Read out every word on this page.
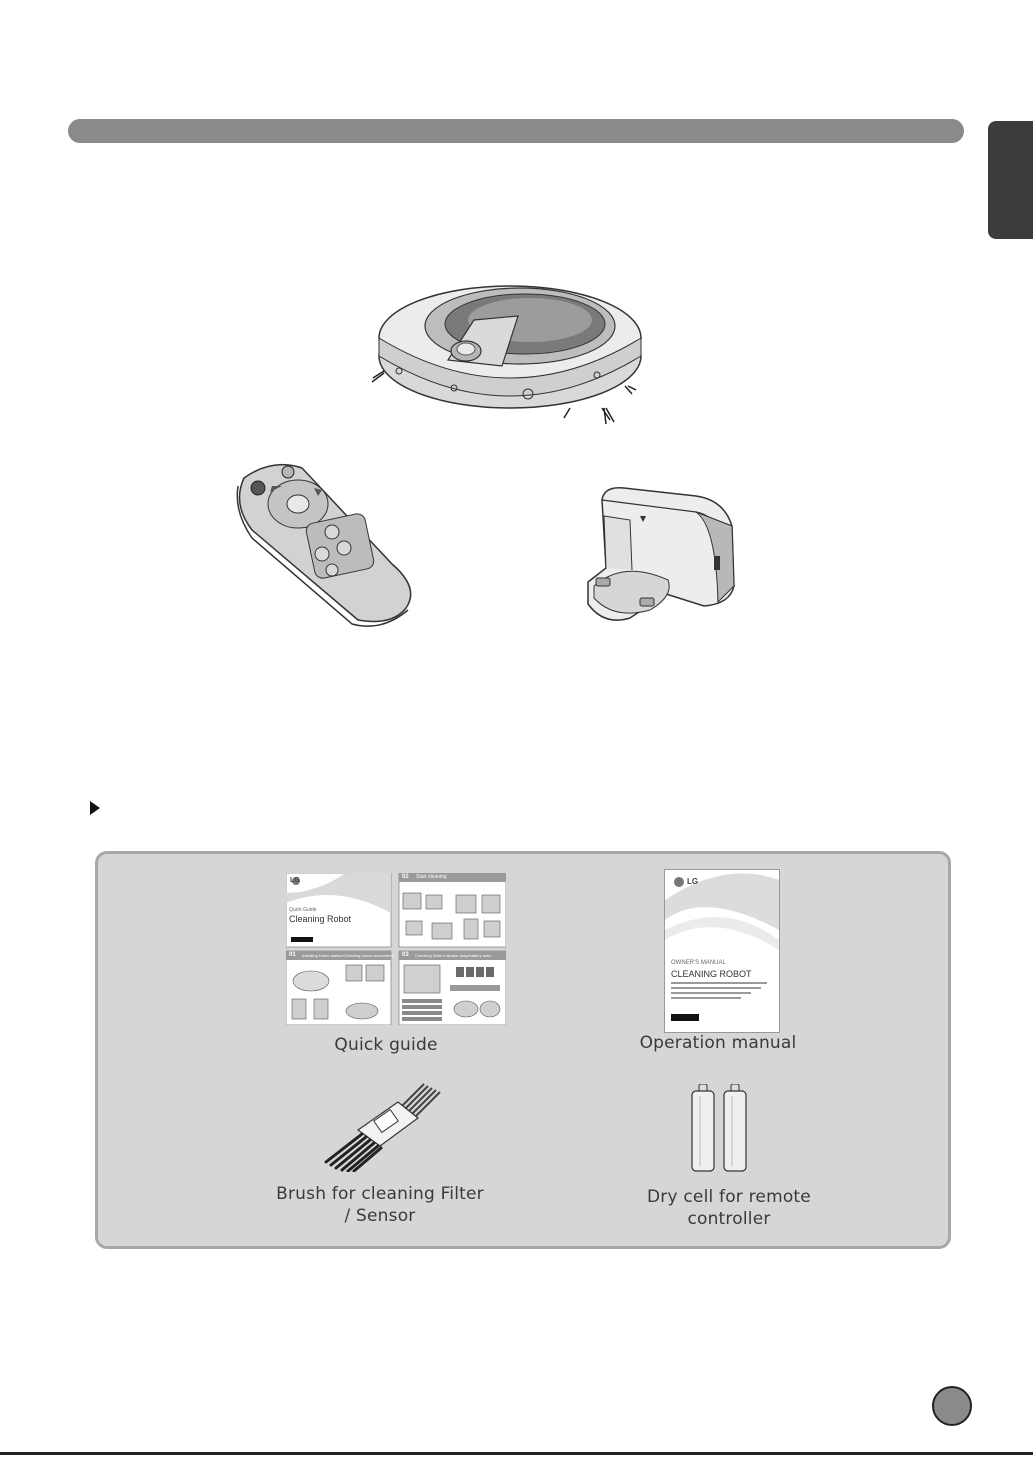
LG
Quick Guide
Cleaning Robot
02 Start cleaning
01 Installing Home station/Checking power and battery 03 Checking State Indicator lamp/battery lamp
Quick guide
LG
OWNER'S MANUAL
CLEANING ROBOT
Operation manual
Brush for cleaning Filter
/ Sensor
Dry cell for remote controller
